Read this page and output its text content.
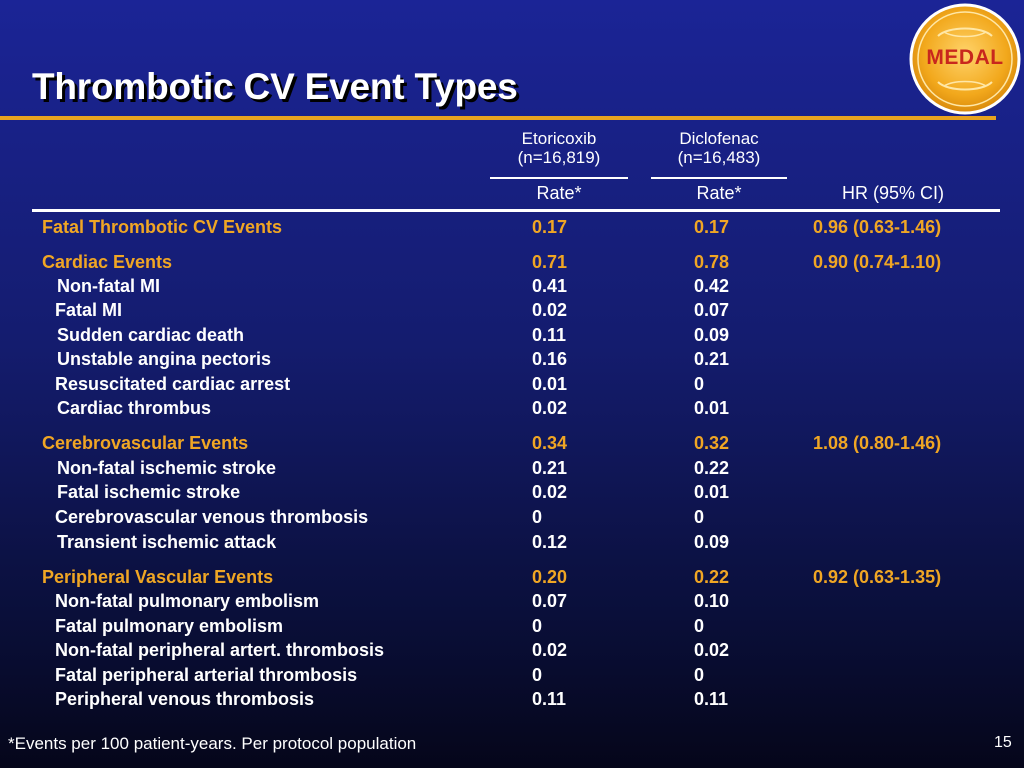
Thrombotic CV Event Types
MEDAL
Etoricoxib
(n=16,819)
Diclofenac
(n=16,483)
Rate*	Rate*	HR (95% CI)
Fatal Thrombotic CV Events	0.17	0.17	0.96 (0.63-1.46)
Cardiac Events	0.71	0.78	0.90 (0.74-1.10)
Non-fatal MI	0.41	0.42
Fatal MI	0.02	0.07
Sudden cardiac death	0.11	0.09
Unstable angina pectoris	0.16	0.21
Resuscitated cardiac arrest	0.01	0
Cardiac thrombus	0.02	0.01
Cerebrovascular Events	0.34	0.32	1.08 (0.80-1.46)
Non-fatal ischemic stroke	0.21	0.22
Fatal ischemic stroke	0.02	0.01
Cerebrovascular venous thrombosis	0	0
Transient ischemic attack	0.12	0.09
Peripheral Vascular Events	0.20	0.22	0.92 (0.63-1.35)
Non-fatal pulmonary embolism	0.07	0.10
Fatal pulmonary embolism	0	0
Non-fatal peripheral artert. thrombosis	0.02	0.02
Fatal peripheral arterial thrombosis	0	0
Peripheral venous thrombosis	0.11	0.11
*Events per 100 patient-years. Per protocol population	15
